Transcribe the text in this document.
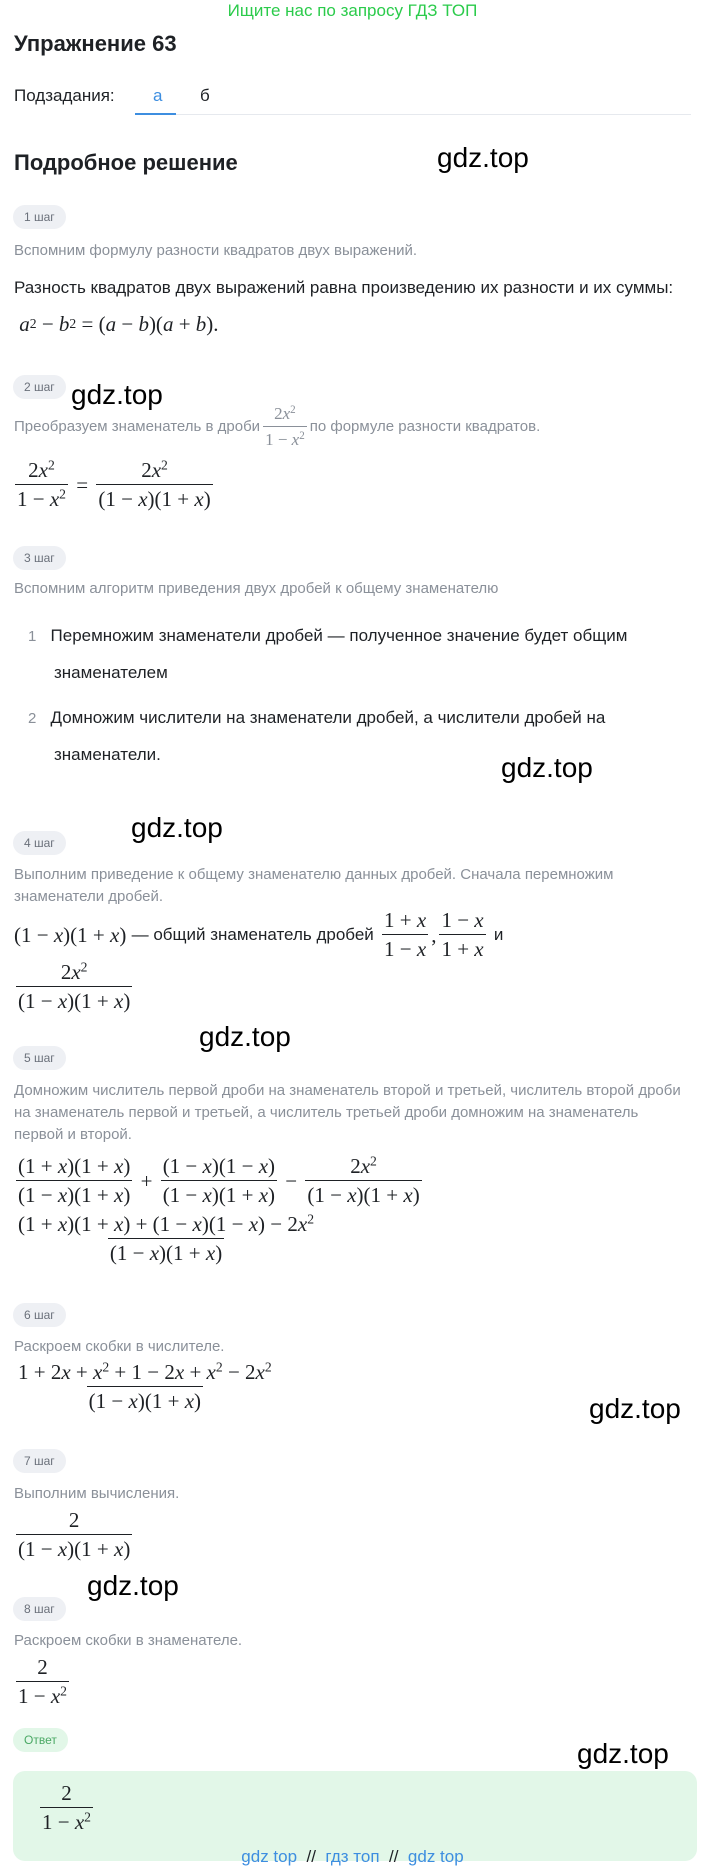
Ищите нас по запросу ГДЗ ТОП
Упражнение 63
Подзадания: а б
Подробное решение	gdz.top
gdz.top
gdz.top
gdz.top
gdz.top
gdz.top
gdz.top
gdz.top
1 шаг
Вспомним формулу разности квадратов двух выражений.
Разность квадратов двух выражений равна произведению их разности и их суммы:
a 2 − b 2 = ( a − b )( a + b ).
2 шаг
Преобразуем знаменатель в дроби $\frac{2x^2}{1 - x^2}$ по формуле разности квадратов.
$\frac{2x^2}{1 - x^2} = \frac{2x^2}{(1 - x)(1 + x)}$
3 шаг
Вспомним алгоритм приведения двух дробей к общему знаменателю
1 Перемножим знаменатели дробей — полученное значение будет общим
знаменателем
2 Домножим числители на знаменатели дробей, а числители дробей на
знаменатели.
4 шаг
Выполним приведение к общему знаменателю данных дробей. Сначала перемножим знаменатели дробей.
(1 − x )(1 + x ) — общий знаменатель дробей
$\frac{1 + x}{1 - x}$ , $\frac{1 - x}{1 + x}$
и
$\frac{2x^2}{(1 - x)(1 + x)}$
5 шаг
Домножим числитель первой дроби на знаменатель второй и третьей, числитель второй дроби на знаменатель первой и третьей, а числитель третьей дроби домножим на знаменатель первой и второй.
$\frac{(1 + x)(1 + x)}{(1 - x)(1 + x)} + \frac{(1 - x)(1 - x)}{(1 - x)(1 + x)} - \frac{2x^2}{(1 - x)(1 + x)}$
$\frac{(1 + x)(1 + x) + (1 - x)(1 - x) - 2x^2}{(1 - x)(1 + x)}$
6 шаг
Раскроем скобки в числителе.
$\frac{1 + 2x + x^2 + 1 - 2x + x^2 - 2x^2}{(1 - x)(1 + x)}$
7 шаг
Выполним вычисления.
$\frac{2}{(1 - x)(1 + x)}$
8 шаг
Раскроем скобки в знаменателе.
$\frac{2}{1 - x^2}$
Ответ
$\frac{2}{1 - x^2}$
gdz top // гдз топ // gdz top
